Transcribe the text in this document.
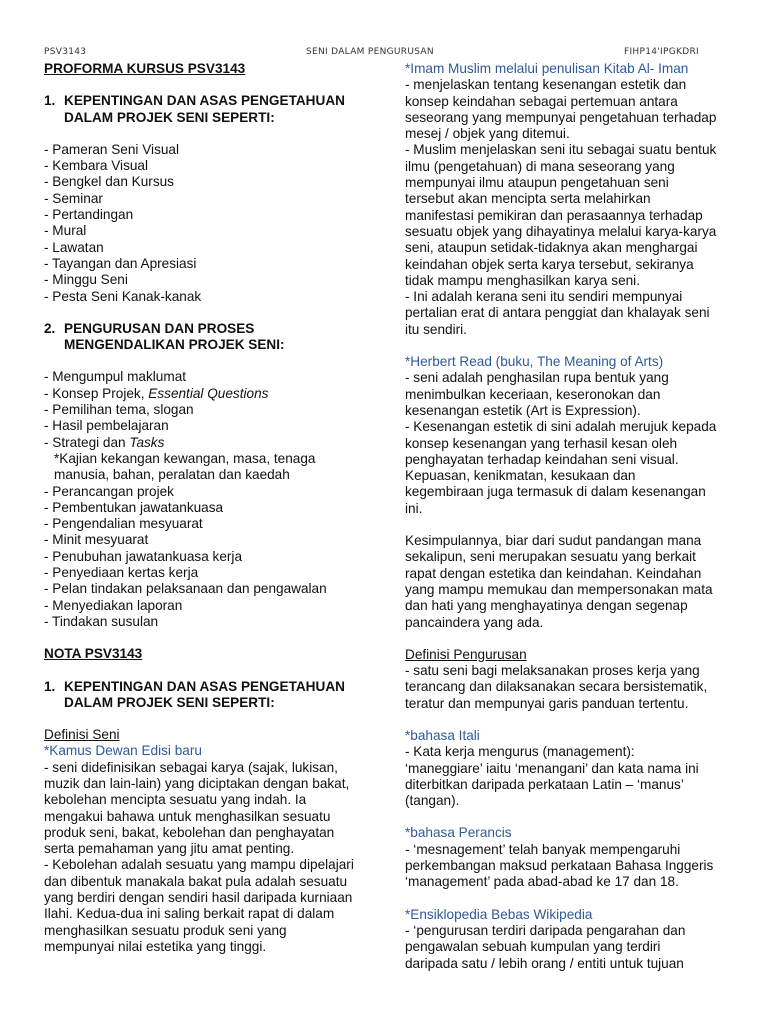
PSV3143	SENI DALAM PENGURUSAN	FIHP14'IPGKDRI

PROFORMA KURSUS PSV3143

1. KEPENTINGAN DAN ASAS PENGETAHUAN

DALAM PROJEK SENI SEPERTI:

- Pameran Seni Visual

- Kembara Visual

- Bengkel dan Kursus

- Seminar

- Pertandingan

- Mural

- Lawatan

- Tayangan dan Apresiasi

- Minggu Seni

- Pesta Seni Kanak-kanak

2. PENGURUSAN DAN PROSES

MENGENDALIKAN PROJEK SENI:

- Mengumpul maklumat

- Konsep Projek, Essential Questions

- Pemilihan tema, slogan

- Hasil pembelajaran

- Strategi dan Tasks

*Kajian kekangan kewangan, masa, tenaga

manusia, bahan, peralatan dan kaedah

- Perancangan projek

- Pembentukan jawatankuasa

- Pengendalian mesyuarat

- Minit mesyuarat

- Penubuhan jawatankuasa kerja

- Penyediaan kertas kerja

- Pelan tindakan pelaksanaan dan pengawalan

- Menyediakan laporan

- Tindakan susulan

NOTA PSV3143

1. KEPENTINGAN DAN ASAS PENGETAHUAN

DALAM PROJEK SENI SEPERTI:

Definisi Seni

*Kamus Dewan Edisi baru

- seni didefinisikan sebagai karya (sajak, lukisan,

muzik dan lain-lain) yang diciptakan dengan bakat,

kebolehan mencipta sesuatu yang indah. Ia

mengakui bahawa untuk menghasilkan sesuatu

produk seni, bakat, kebolehan dan penghayatan

serta pemahaman yang jitu amat penting.

- Kebolehan adalah sesuatu yang mampu dipelajari

dan dibentuk manakala bakat pula adalah sesuatu

yang berdiri dengan sendiri hasil daripada kurniaan

Ilahi. Kedua-dua ini saling berkait rapat di dalam

menghasilkan sesuatu produk seni yang

mempunyai nilai estetika yang tinggi.

*Imam Muslim melalui penulisan Kitab Al- Iman

- menjelaskan tentang kesenangan estetik dan

konsep keindahan sebagai pertemuan antara

seseorang yang mempunyai pengetahuan terhadap

mesej / objek yang ditemui.

- Muslim menjelaskan seni itu sebagai suatu bentuk

ilmu (pengetahuan) di mana seseorang yang

mempunyai ilmu ataupun pengetahuan seni

tersebut akan mencipta serta melahirkan

manifestasi pemikiran dan perasaannya terhadap

sesuatu objek yang dihayatinya melalui karya-karya

seni, ataupun setidak-tidaknya akan menghargai

keindahan objek serta karya tersebut, sekiranya

tidak mampu menghasilkan karya seni.

- Ini adalah kerana seni itu sendiri mempunyai

pertalian erat di antara penggiat dan khalayak seni

itu sendiri.

*Herbert Read (buku, The Meaning of Arts)

- seni adalah penghasilan rupa bentuk yang

menimbulkan keceriaan, keseronokan dan

kesenangan estetik (Art is Expression).

- Kesenangan estetik di sini adalah merujuk kepada

konsep kesenangan yang terhasil kesan oleh

penghayatan terhadap keindahan seni visual.

Kepuasan, kenikmatan, kesukaan dan

kegembiraan juga termasuk di dalam kesenangan

ini.

Kesimpulannya, biar dari sudut pandangan mana

sekalipun, seni merupakan sesuatu yang berkait

rapat dengan estetika dan keindahan. Keindahan

yang mampu memukau dan mempersonakan mata

dan hati yang menghayatinya dengan segenap

pancaindera yang ada.

Definisi Pengurusan

- satu seni bagi melaksanakan proses kerja yang

terancang dan dilaksanakan secara bersistematik,

teratur dan mempunyai garis panduan tertentu.

*bahasa Itali

- Kata kerja mengurus (management):

‘maneggiare’ iaitu ‘menangani’ dan kata nama ini

diterbitkan daripada perkataan Latin – ‘manus’

(tangan).

*bahasa Perancis

- ‘mesnagement’ telah banyak mempengaruhi

perkembangan maksud perkataan Bahasa Inggeris

‘management’ pada abad-abad ke 17 dan 18.

*Ensiklopedia Bebas Wikipedia

- ‘pengurusan terdiri daripada pengarahan dan

pengawalan sebuah kumpulan yang terdiri

daripada satu / lebih orang / entiti untuk tujuan
